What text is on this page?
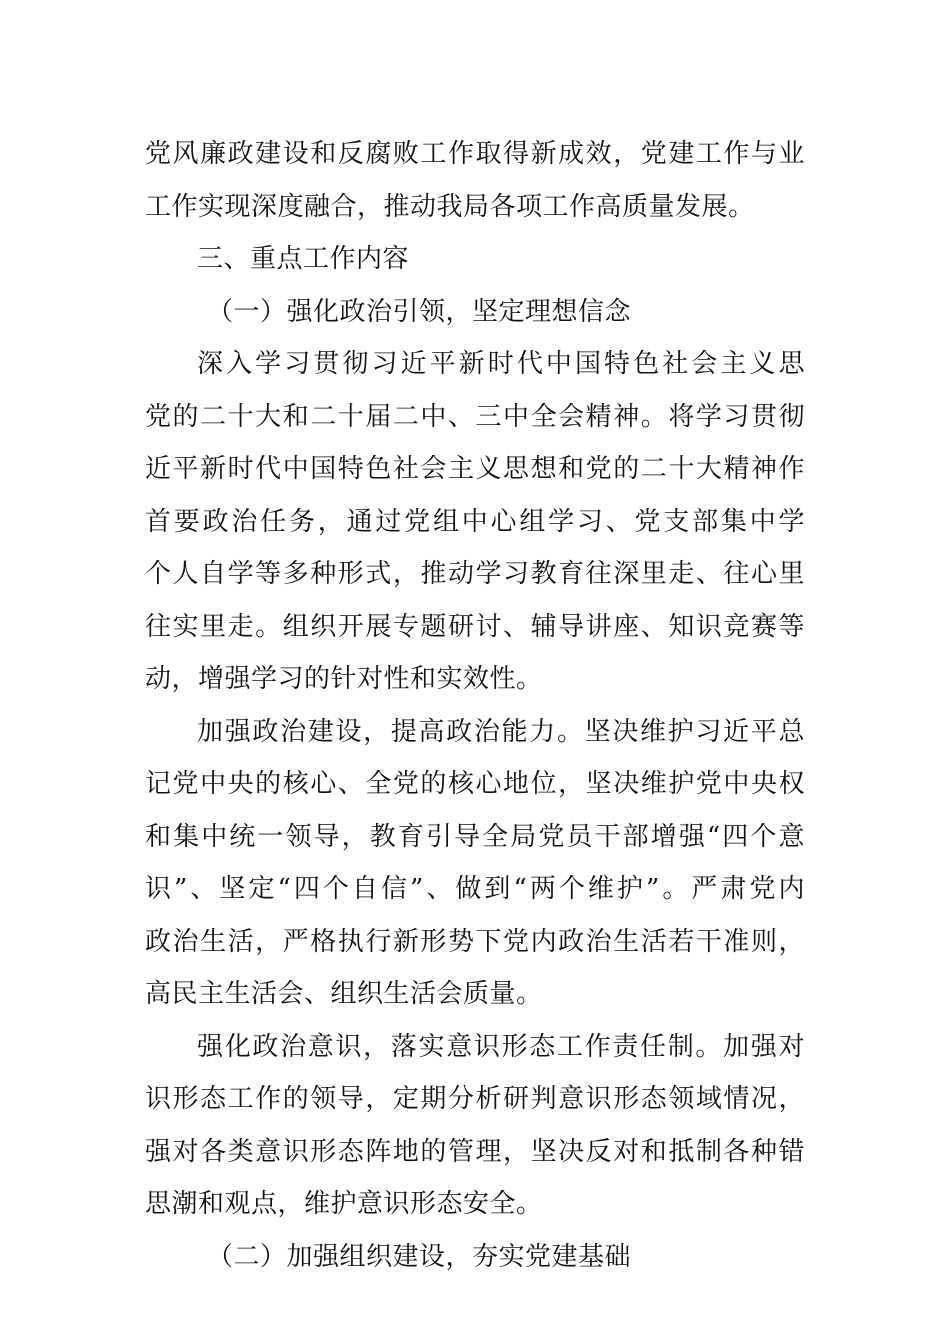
党风廉政建设和反腐败工作取得新成效，党建工作与业
工作实现深度融合，推动我局各项工作高质量发展。
三、重点工作内容
（一）强化政治引领，坚定理想信念
深入学习贯彻习近平新时代中国特色社会主义思
党的二十大和二十届二中、三中全会精神。将学习贯彻
近平新时代中国特色社会主义思想和党的二十大精神作
首要政治任务，通过党组中心组学习、党支部集中学
个人自学等多种形式，推动学习教育往深里走、往心里
往实里走。组织开展专题研讨、辅导讲座、知识竞赛等
动，增强学习的针对性和实效性。
加强政治建设，提高政治能力。坚决维护习近平总
记党中央的核心、全党的核心地位，坚决维护党中央权
和集中统一领导，教育引导全局党员干部增强“四个意
识”、坚定“四个自信”、做到“两个维护”。严肃党内
政治生活，严格执行新形势下党内政治生活若干准则，
高民主生活会、组织生活会质量。
强化政治意识，落实意识形态工作责任制。加强对
识形态工作的领导，定期分析研判意识形态领域情况，
强对各类意识形态阵地的管理，坚决反对和抵制各种错
思潮和观点，维护意识形态安全。
（二）加强组织建设，夯实党建基础
